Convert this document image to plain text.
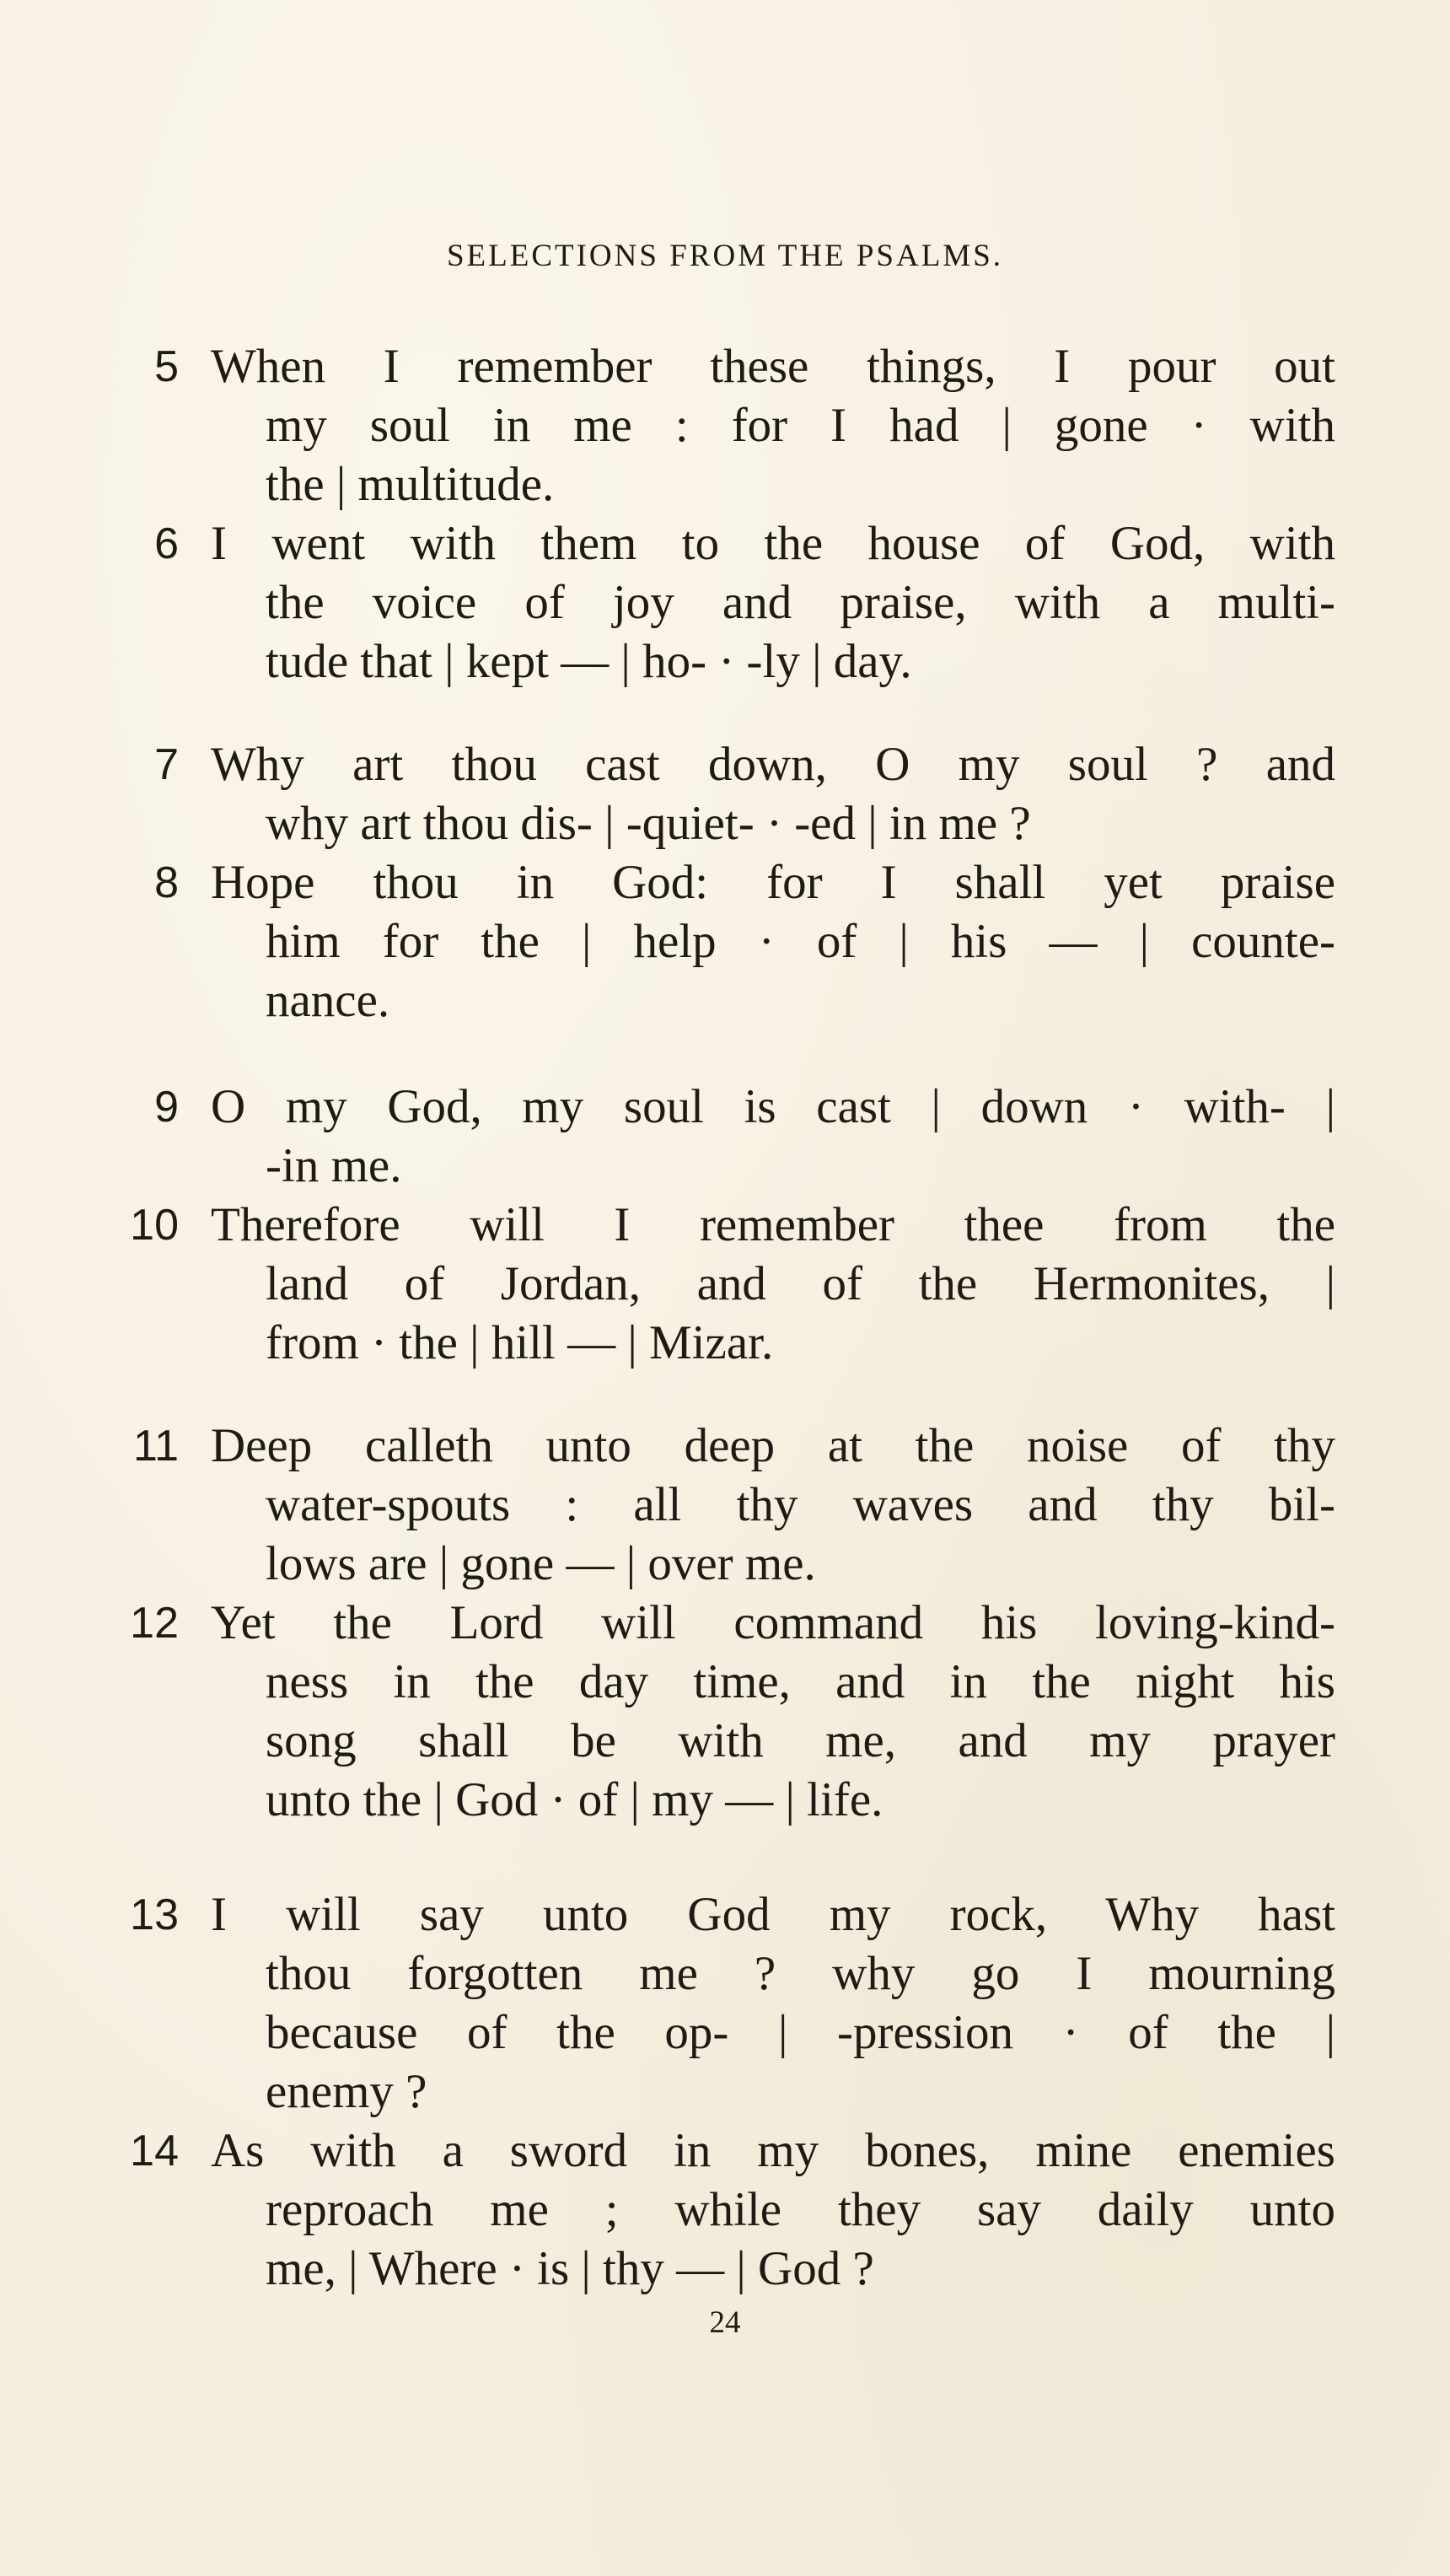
SELECTIONS FROM THE PSALMS.
5 When I remember these things, I pour out
my soul in me : for I had | gone · with
the | multitude.
6 I went with them to the house of God, with
the voice of joy and praise, with a multi-
tude that | kept — | ho- · -ly | day.
7 Why art thou cast down, O my soul ? and
why art thou dis- | -quiet- · -ed | in me ?
8 Hope thou in God: for I shall yet praise
him for the | help · of | his — | counte-
nance.
9 O my God, my soul is cast | down · with- |
-in me.
10 Therefore will I remember thee from the
land of Jordan, and of the Hermonites, |
from · the | hill — | Mizar.
11 Deep calleth unto deep at the noise of thy
water-spouts : all thy waves and thy bil-
lows are | gone — | over me.
12 Yet the Lord will command his loving-kind-
ness in the day time, and in the night his
song shall be with me, and my prayer
unto the | God · of | my — | life.
13 I will say unto God my rock, Why hast
thou forgotten me ? why go I mourning
because of the op- | -pression · of the |
enemy ?
14 As with a sword in my bones, mine enemies
reproach me ; while they say daily unto
me, | Where · is | thy — | God ?
24
